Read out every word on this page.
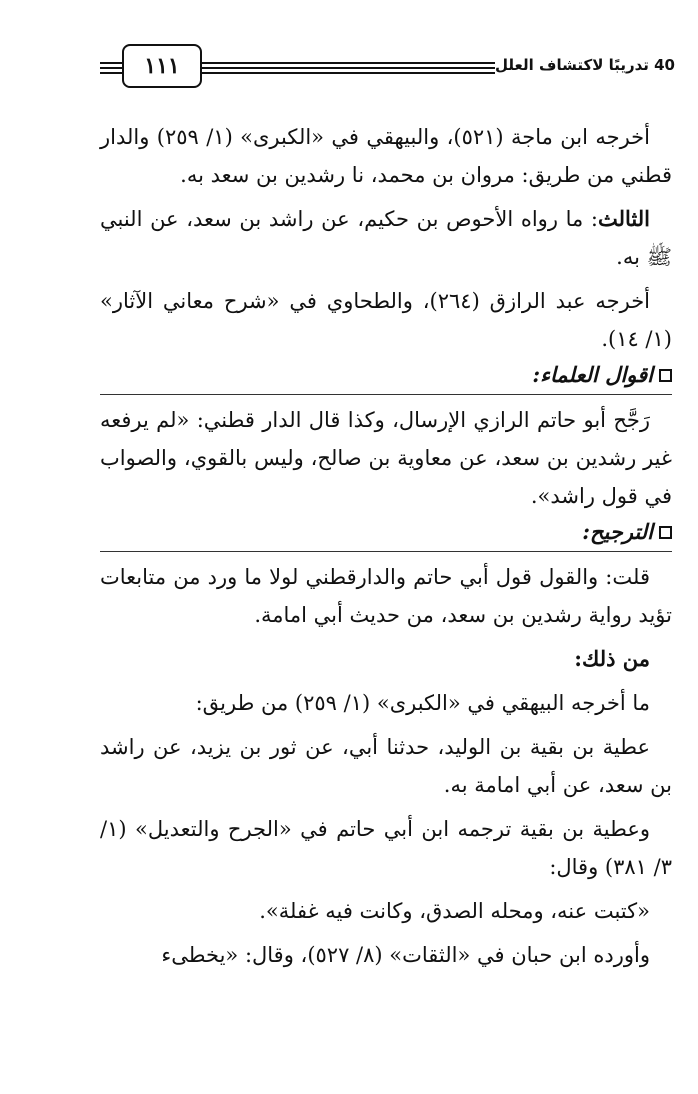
40 تدريبًا لاكتشاف العلل
١١١

أخرجه ابن ماجة (٥٢١)، والبيهقي في «الكبرى» (١/ ٢٥٩) والدار قطني من طريق: مروان بن محمد، نا رشدين بن سعد به.

الثالث: ما رواه الأحوص بن حكيم، عن راشد بن سعد، عن النبي ﷺ به.

أخرجه عبد الرازق (٢٦٤)، والطحاوي في «شرح معاني الآثار» (١/ ١٤).

اقوال العلماء:

رَجَّح أبو حاتم الرازي الإرسال، وكذا قال الدار قطني: «لم يرفعه غير رشدين بن سعد، عن معاوية بن صالح، وليس بالقوي، والصواب في قول راشد».

الترجيح:

قلت: والقول قول أبي حاتم والدارقطني لولا ما ورد من متابعات تؤيد رواية رشدين بن سعد، من حديث أبي امامة.

من ذلك:

ما أخرجه البيهقي في «الكبرى» (١/ ٢٥٩) من طريق:

عطية بن بقية بن الوليد، حدثنا أبي، عن ثور بن يزيد، عن راشد بن سعد، عن أبي امامة به.

وعطية بن بقية ترجمه ابن أبي حاتم في «الجرح والتعديل» (١/ ٣/ ٣٨١) وقال:

«كتبت عنه، ومحله الصدق، وكانت فيه غفلة».

وأورده ابن حبان في «الثقات» (٨/ ٥٢٧)، وقال: «يخطىء
